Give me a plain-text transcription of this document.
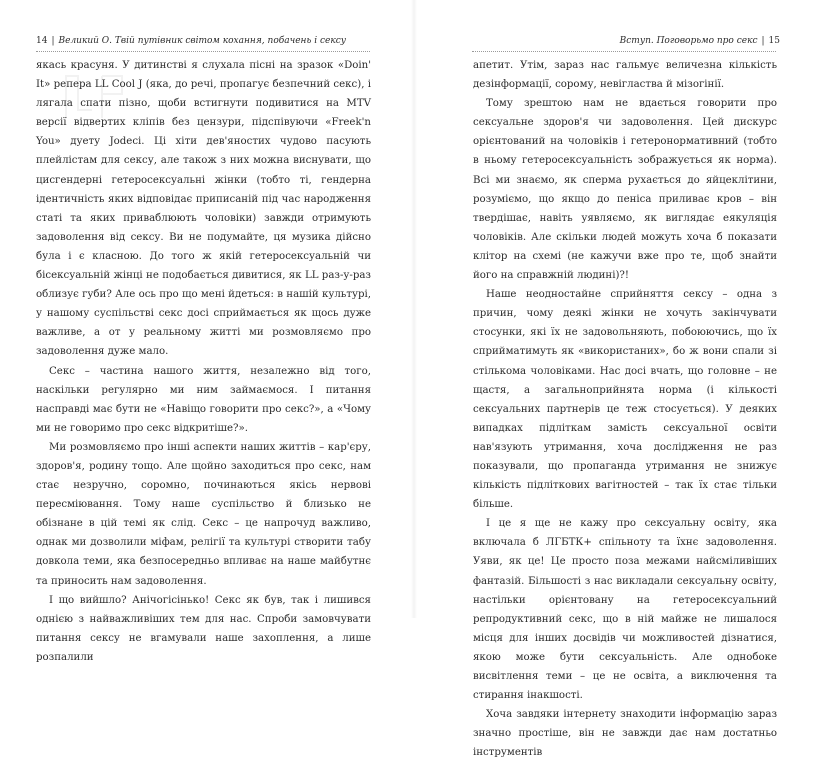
14 | Великий О. Твій путівник світом кохання, побачень і сексу

якась красуня. У дитинстві я слухала пісні на зразок «Doin' It» репера LL Cool J (яка, до речі, пропагує безпечний секс), і лягала спати пізно, щоби встигнути подивитися на MTV версії відвертих кліпів без цензури, підспівуючи «Freek'n You» дуету Jodeci. Ці хіти дев'яностих чудово пасують плейлістам для сексу, але також з них можна виснувати, що цисгендерні гетеросексуальні жінки (тобто ті, гендерна ідентичність яких відповідає приписаній під час народження статі та яких приваблюють чоловіки) завжди отримують задоволення від сексу. Ви не подумайте, ця музика дійсно була і є класною. До того ж якій гетеросексуальній чи бісексуальній жінці не подобається дивитися, як LL раз-у-раз облизує губи? Але ось про що мені йдеться: в нашій культурі, у нашому суспільстві секс досі сприймається як щось дуже важливе, а от у реальному житті ми розмовляємо про задоволення дуже мало.

Секс – частина нашого життя, незалежно від того, наскільки регулярно ми ним займаємося. І питання насправді має бути не «Навіщо говорити про секс?», а «Чому ми не говоримо про секс відкритіше?».

Ми розмовляємо про інші аспекти наших життів – кар'єру, здоров'я, родину тощо. Але щойно заходиться про секс, нам стає незручно, соромно, починаються якісь нервові пересміювання. Тому наше суспільство й близько не обізнане в цій темі як слід. Секс – це напрочуд важливо, однак ми дозволили міфам, релігії та культурі створити табу довкола теми, яка безпосередньо впливає на наше майбутнє та приносить нам задоволення.

І що вийшло? Анічогісінько! Секс як був, так і лишився однією з найважливіших тем для нас. Спроби замовчувати питання сексу не вгамували наше захоплення, а лише розпалили

Вступ. Поговорьмо про секс | 15

апетит. Утім, зараз нас гальмує величезна кількість дезінформації, сорому, невігластва й мізогінії.

Тому зрештою нам не вдається говорити про сексуальне здоров'я чи задоволення. Цей дискурс орієнтований на чоловіків і гетеронормативний (тобто в ньому гетеросексуальність зображується як норма). Всі ми знаємо, як сперма рухається до яйцеклітини, розуміємо, що якщо до пеніса приливає кров – він твердішає, навіть уявляємо, як виглядає еякуляція чоловіків. Але скільки людей можуть хоча б показати клітор на схемі (не кажучи вже про те, щоб знайти його на справжній людині)?!

Наше неодностайне сприйняття сексу – одна з причин, чому деякі жінки не хочуть закінчувати стосунки, які їх не задовольняють, побоюючись, що їх сприйматимуть як «використаних», бо ж вони спали зі стількома чоловіками. Нас досі вчать, що головне – не щастя, а загальноприйнята норма (і кількості сексуальних партнерів це теж стосується). У деяких випадках підліткам замість сексуальної освіти нав'язують утримання, хоча дослідження не раз показували, що пропаганда утримання не знижує кількість підліткових вагітностей – так їх стає тільки більше.

І це я ще не кажу про сексуальну освіту, яка включала б ЛГБТК+ спільноту та їхнє задоволення. Уяви, як це! Це просто поза межами найсміливіших фантазій. Більшості з нас викладали сексуальну освіту, настільки орієнтовану на гетеросексуальний репродуктивний секс, що в ній майже не лишалося місця для інших досвідів чи можливостей дізнатися, якою може бути сексуальність. Але однобоке висвітлення теми – це не освіта, а виключення та стирання інакшості.

Хоча завдяки інтернету знаходити інформацію зараз значно простіше, він не завжди дає нам достатньо інструментів
